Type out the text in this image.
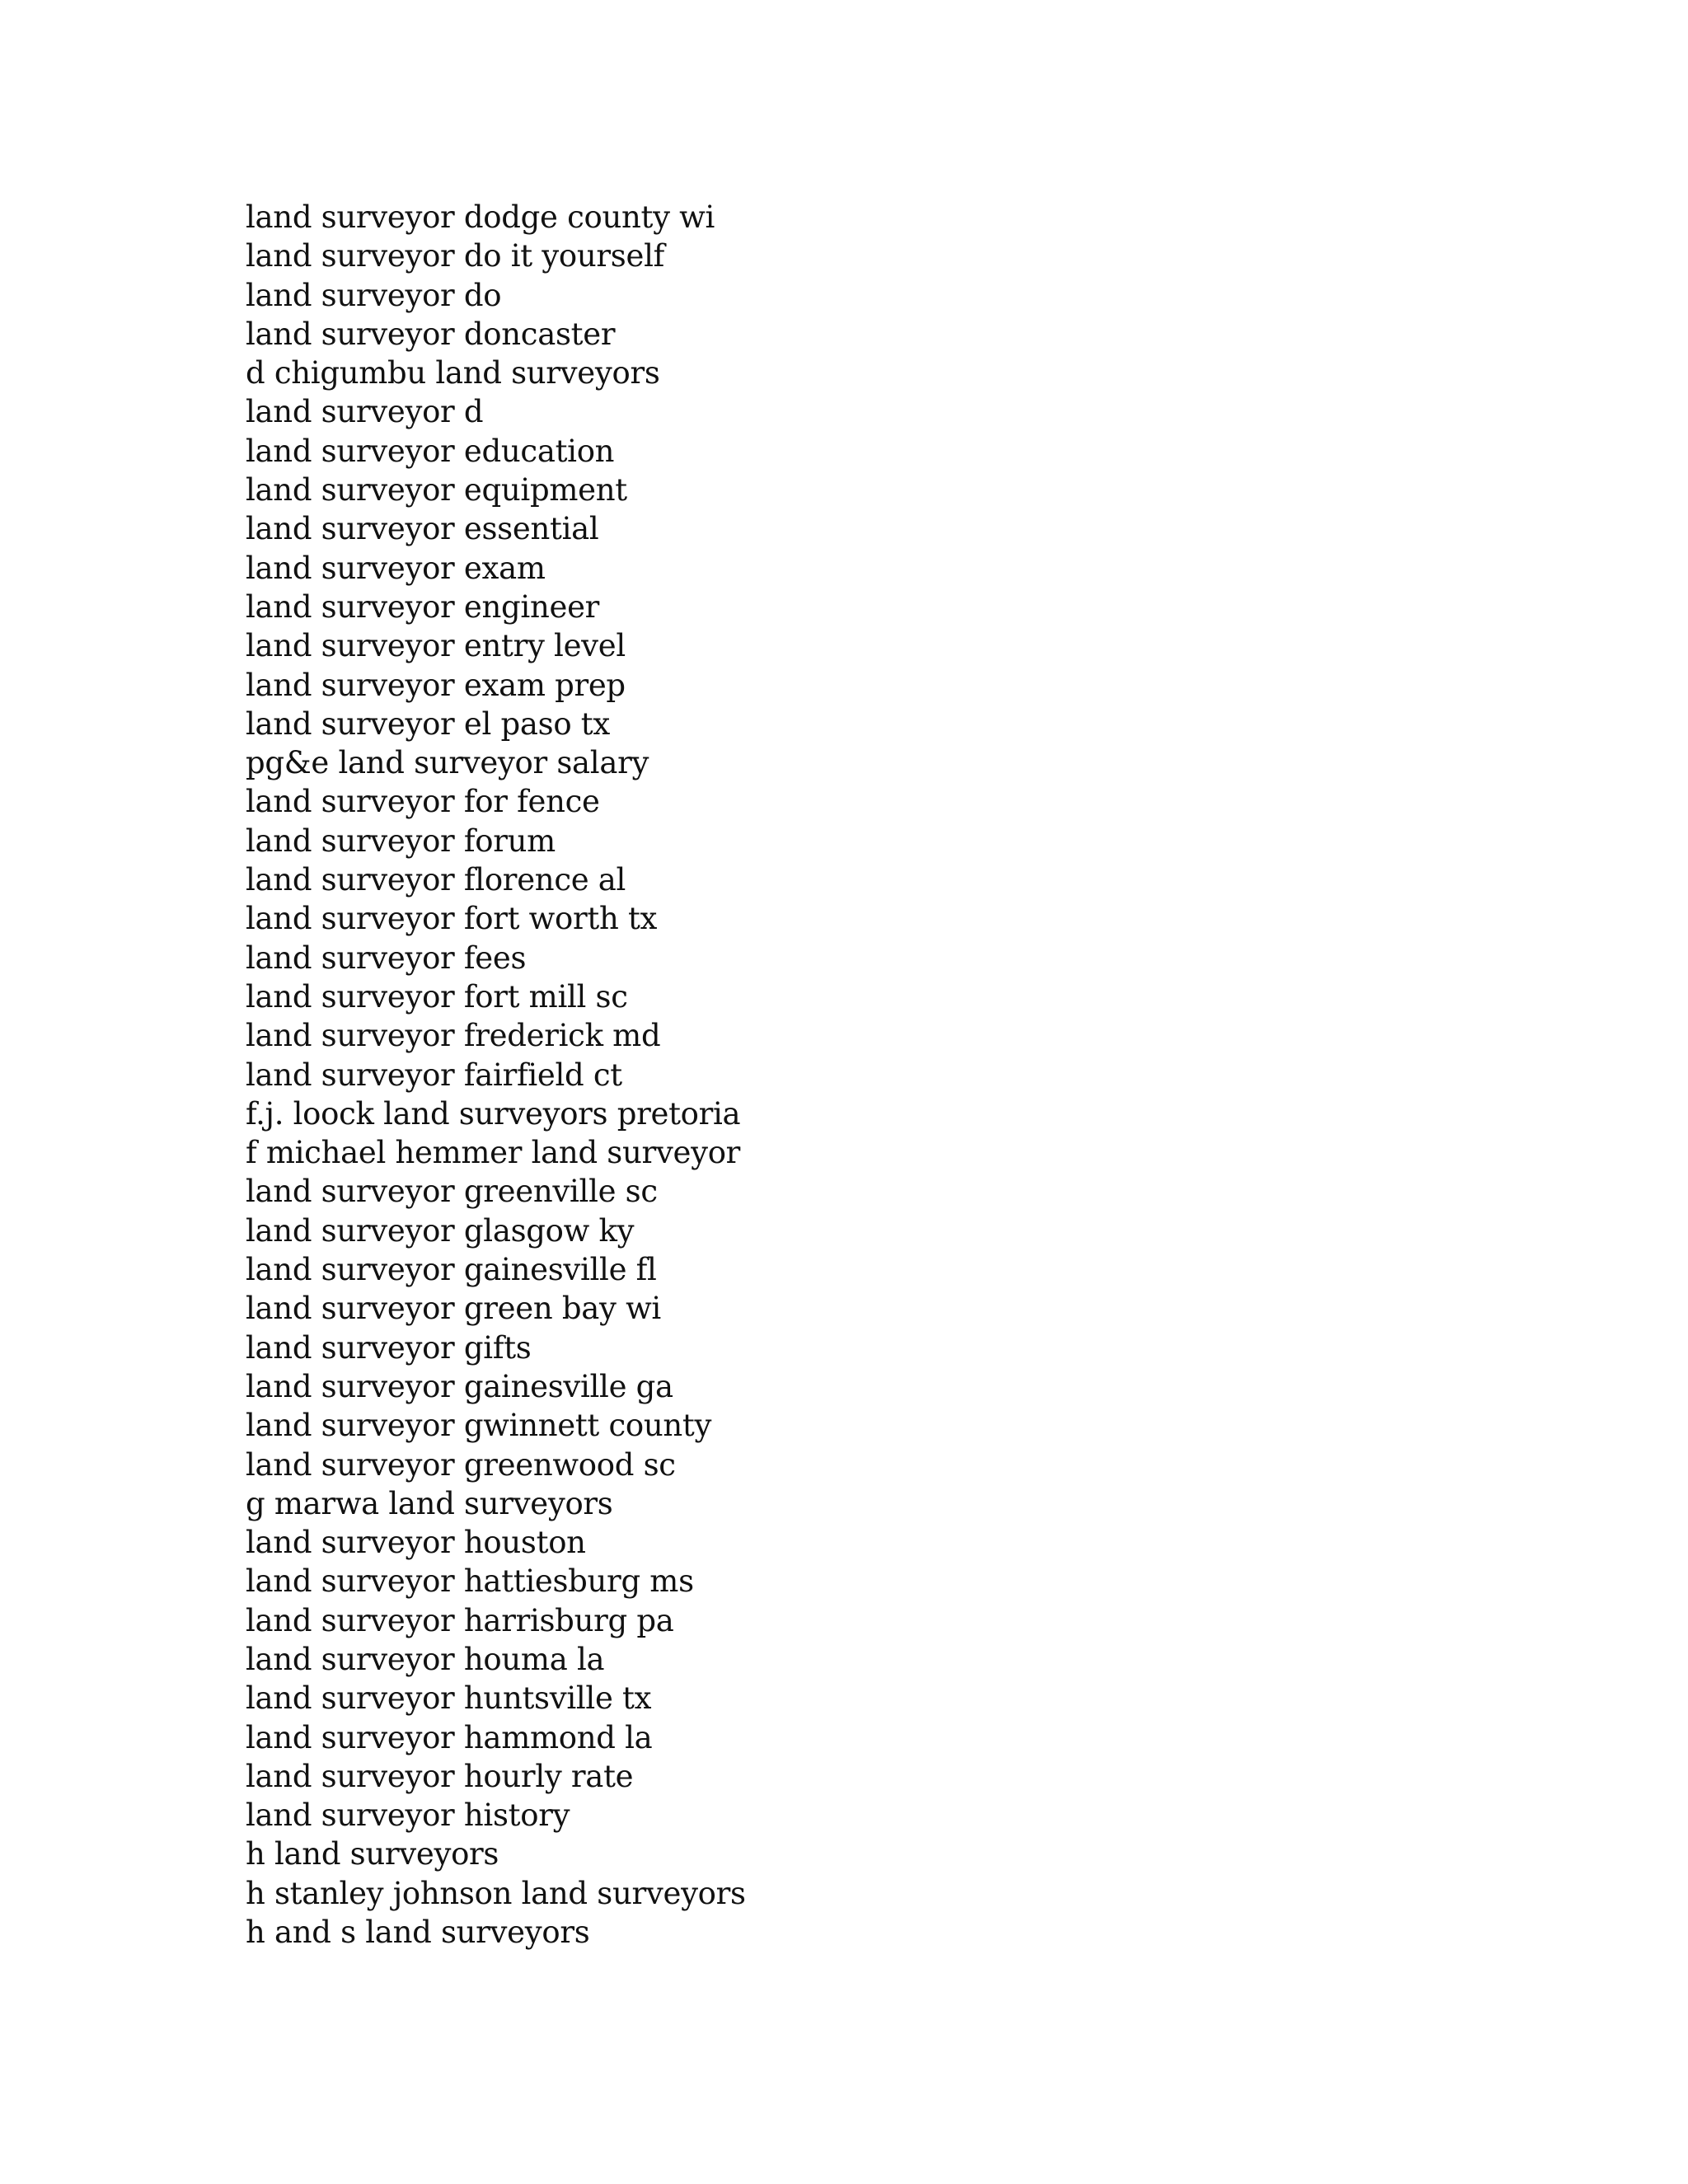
land surveyor dodge county wi
land surveyor do it yourself
land surveyor do
land surveyor doncaster
d chigumbu land surveyors
land surveyor d
land surveyor education
land surveyor equipment
land surveyor essential
land surveyor exam
land surveyor engineer
land surveyor entry level
land surveyor exam prep
land surveyor el paso tx
pg&e land surveyor salary
land surveyor for fence
land surveyor forum
land surveyor florence al
land surveyor fort worth tx
land surveyor fees
land surveyor fort mill sc
land surveyor frederick md
land surveyor fairfield ct
f.j. loock land surveyors pretoria
f michael hemmer land surveyor
land surveyor greenville sc
land surveyor glasgow ky
land surveyor gainesville fl
land surveyor green bay wi
land surveyor gifts
land surveyor gainesville ga
land surveyor gwinnett county
land surveyor greenwood sc
g marwa land surveyors
land surveyor houston
land surveyor hattiesburg ms
land surveyor harrisburg pa
land surveyor houma la
land surveyor huntsville tx
land surveyor hammond la
land surveyor hourly rate
land surveyor history
h land surveyors
h stanley johnson land surveyors
h and s land surveyors
